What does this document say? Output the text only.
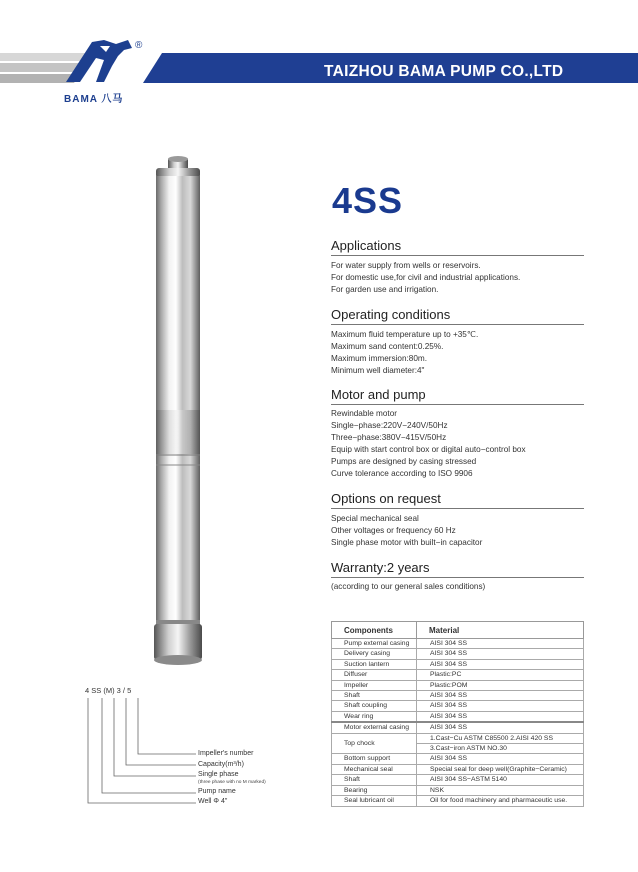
®
BAMA 八马
TAIZHOU BAMA PUMP CO.,LTD
4SS
Applications
For water supply from wells or reservoirs.
For domestic use,for civil and industrial applications.
For garden use and irrigation.
Operating conditions
Maximum fluid temperature up to +35℃.
Maximum sand content:0.25%.
Maximum immersion:80m.
Minimum well diameter:4"
Motor and pump
Rewindable motor
Single−phase:220V−240V/50Hz
Three−phase:380V−415V/50Hz
Equip with start control box or digital auto−control box
Pumps are designed by casing stressed
Curve tolerance according to ISO 9906
Options on request
Special mechanical seal
Other voltages or frequency 60 Hz
Single phase motor with built−in capacitor
Warranty:2 years
(according to our general sales conditions)
Components	Material
Pump external casing	AISI 304 SS
Delivery casing	AISI 304 SS
Suction lantern	AISI 304 SS
Diffuser	Plastic:PC
Impeller	Plastic:POM
Shaft	AISI 304 SS
Shaft coupling	AISI 304 SS
Wear ring	AISI 304 SS
Motor external casing	AISI 304 SS
Top chock	1.Cast−Cu ASTM C85500 2.AISI 420 SS
	3.Cast−iron ASTM NO.30
Bottom support	AISI 304 SS
Mechanical seal	Special seal for deep well(Graphite−Ceramic)
Shaft	AISI 304 SS−ASTM 5140
Bearing	NSK
Seal lubricant oil	Oil for food machinery and pharmaceutic use.
4 SS (M) 3 / 5
Impeller's number
Capacity(m³/h)
Single phase
(three phase with no M marked)
Pump name
Well Φ 4"
